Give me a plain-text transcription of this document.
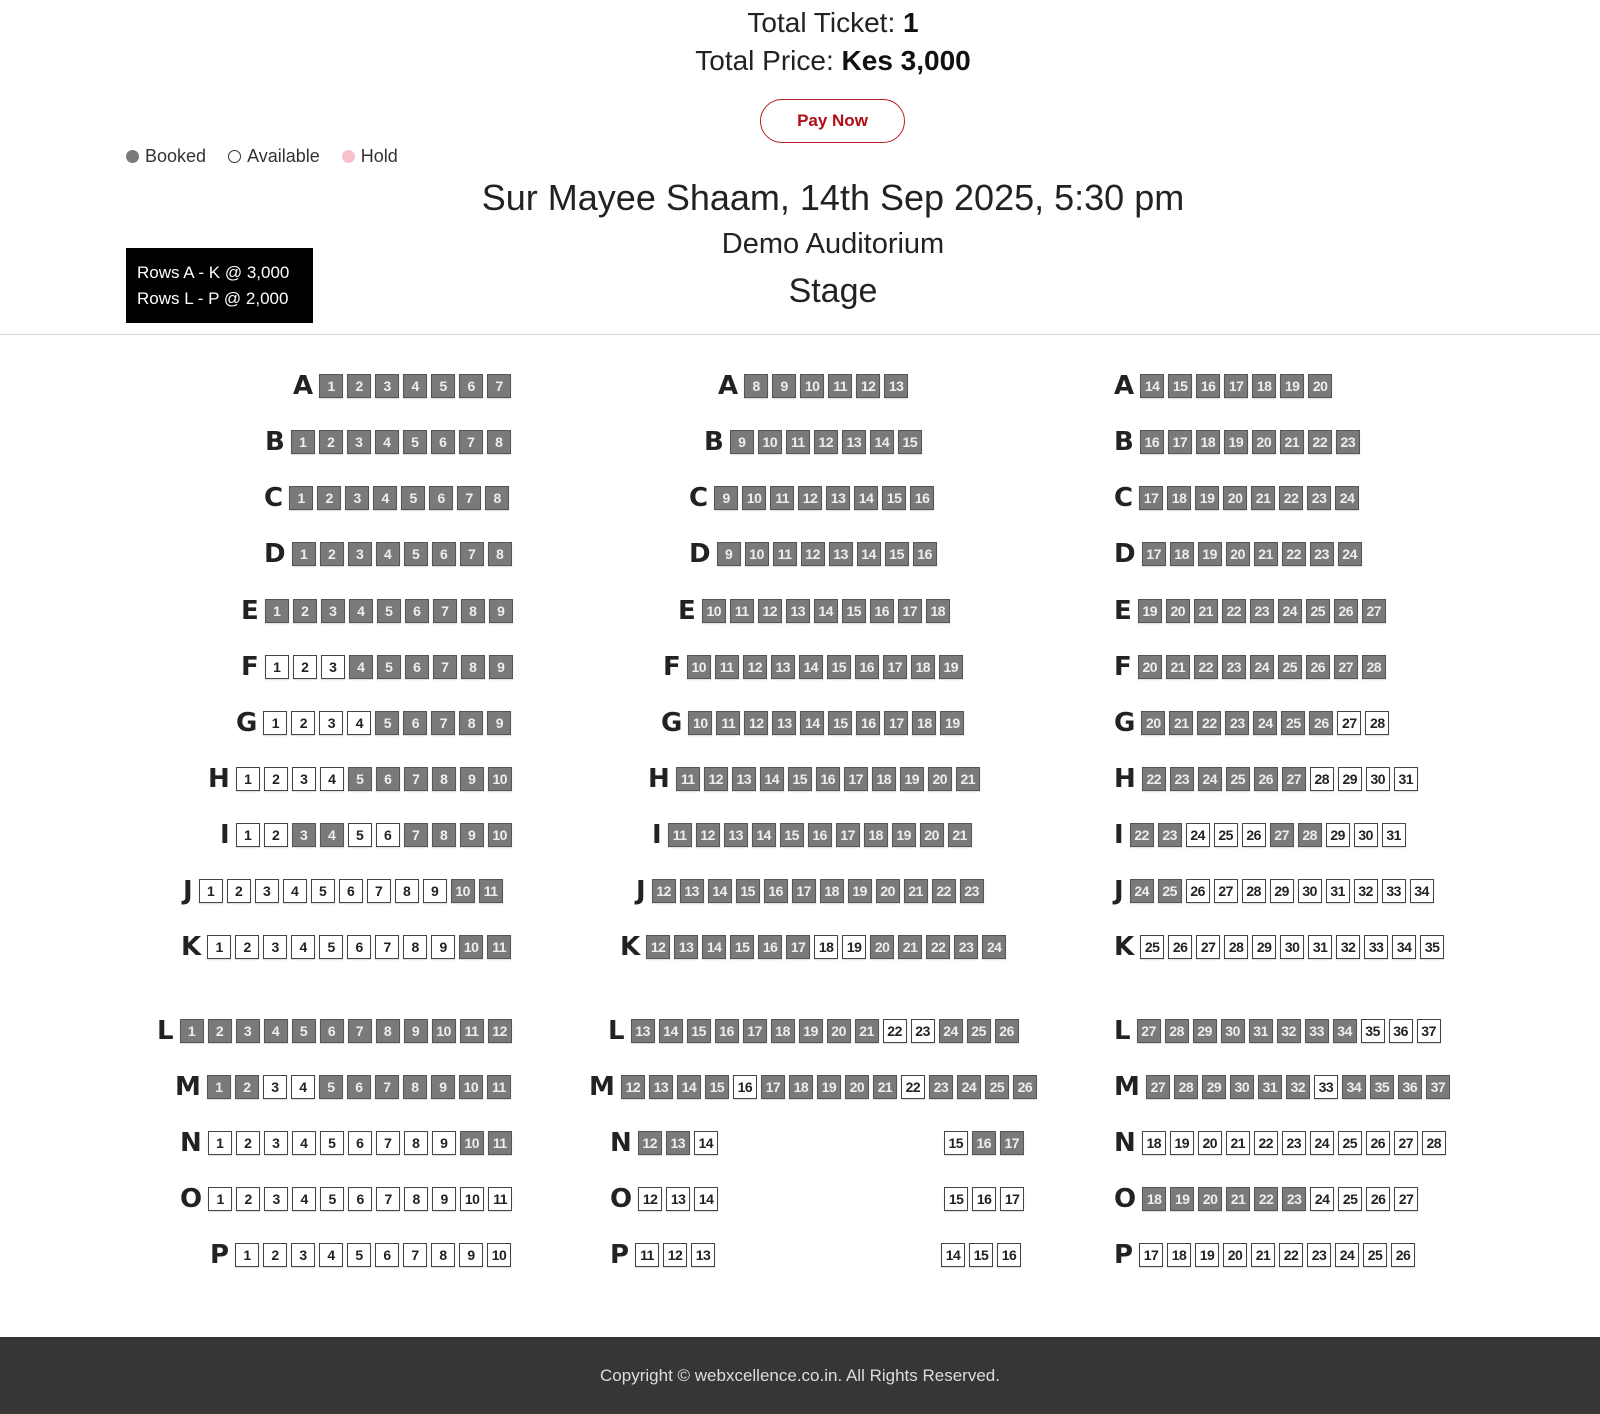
Total Ticket: 1
Total Price: Kes 3,000
Pay Now
Booked Available Hold
Sur Mayee Shaam, 14th Sep 2025, 5:30 pm
Demo Auditorium
Stage
Rows A - K @ 3,000
Rows L - P @ 2,000
A	1	2	3	4	5	6	7
B	1	2	3	4	5	6	7	8
C	1	2	3	4	5	6	7	8
D	1	2	3	4	5	6	7	8
E	1	2	3	4	5	6	7	8	9
F	1	2	3	4	5	6	7	8	9
G	1	2	3	4	5	6	7	8	9
H	1	2	3	4	5	6	7	8	9	10
I	1	2	3	4	5	6	7	8	9	10
J	1	2	3	4	5	6	7	8	9	10 11
K	1	2	3	4	5	6	7	8	9	10 11
L	1	2	3	4	5	6	7	8	9	10 11 12
M	1	2	3	4	5	6	7	8	9	10 11
N	1	2	3	4	5	6	7	8	9	10 11
O	1	2	3	4	5	6	7	8	9	10 11
P	1	2	3	4	5	6	7	8	9	10
A	8	9	10 11 12 13
B	9	10 11 12 13 14 15
C	9	10 11 12 13 14 15 16
D	9	10 11 12 13 14 15 16
E 10 11 12 13 14 15 16 17 18
F 10 11 12 13 14 15 16 17 18 19
G 10 11 12 13 14 15 16 17 18 19
H 11 12 13 14 15 16 17 18 19 20 21
I 11 12 13 14 15 16 17 18 19 20 21
J 12 13 14 15 16 17 18 19 20 21 22 23
K 12 13 14 15 16 17 18 19 20 21 22 23 24
L 13 14 15 16 17 18 19 20 21 22 23 24 25 26
M 12 13 14 15 16 17 18 19 20 21 22 23 24 25 26
N 12 13 14	15 16 17
O 12 13 14	15 16 17
P 11 12 13	14 15 16
A 14 15 16 17 18 19 20
B 16 17 18 19 20 21 22 23
C 17 18 19 20 21 22 23 24
D 17 18 19 20 21 22 23 24
E 19 20 21 22 23 24 25 26 27
F 20 21 22 23 24 25 26 27 28
G 20 21 22 23 24 25 26 27 28
H 22 23 24 25 26 27 28 29 30 31
I 22 23 24 25 26 27 28 29 30 31
J 24 25 26 27 28 29 30 31 32 33 34
K 25 26 27 28 29 30 31 32 33 34 35
L 27 28 29 30 31 32 33 34 35 36 37
M 27 28 29 30 31 32 33 34 35 36 37
N 18 19 20 21 22 23 24 25 26 27 28
O 18 19 20 21 22 23 24 25 26 27
P 17 18 19 20 21 22 23 24 25 26
Copyright © webxcellence.co.in. All Rights Reserved.
